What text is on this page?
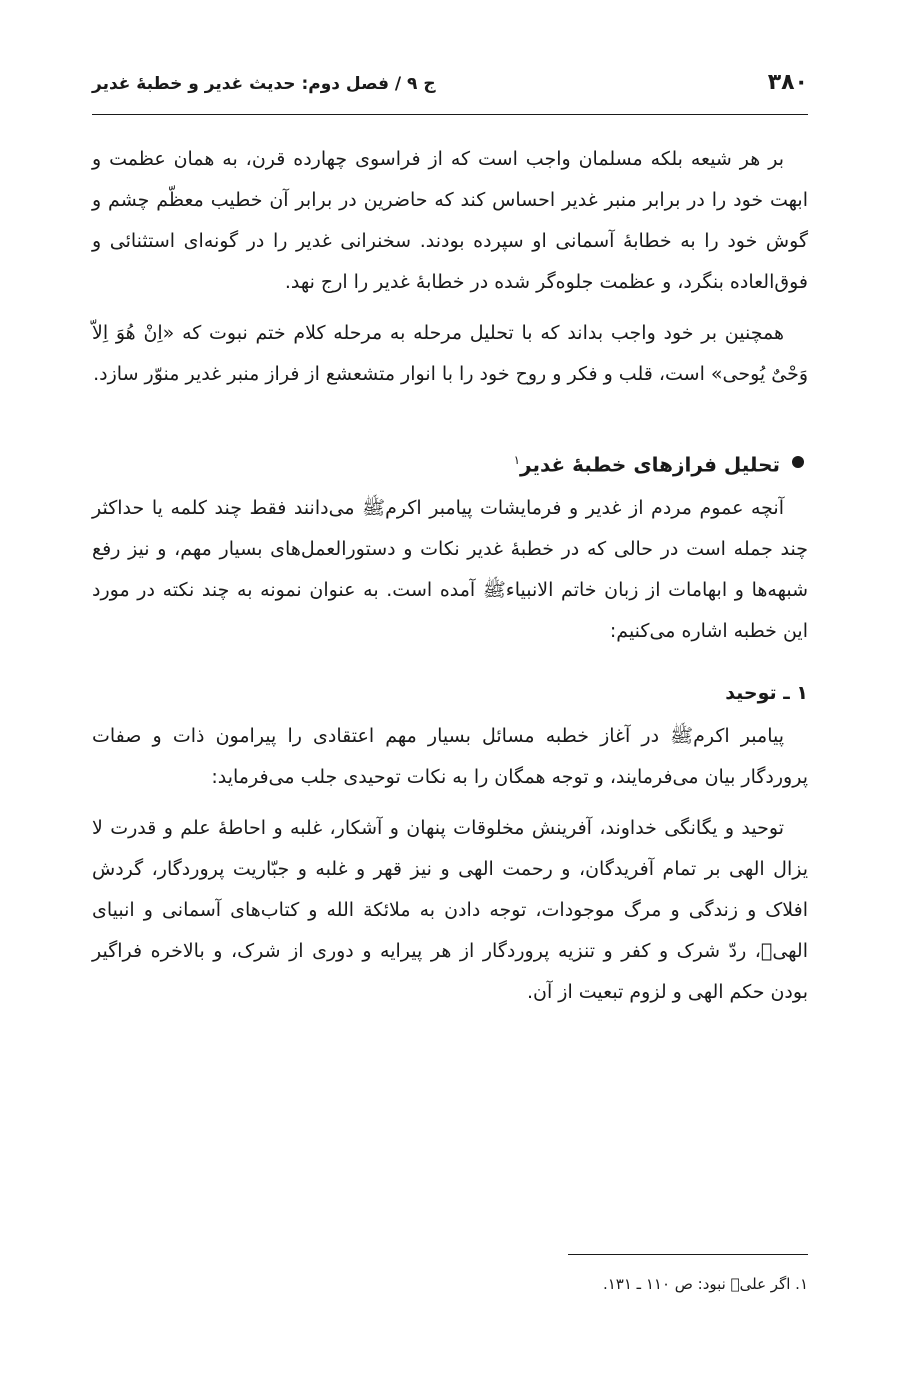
۳۸۰
ج ۹ / فصل دوم: حدیث غدیر و خطبۀ غدیر

بر هر شیعه بلکه مسلمان واجب است که از فراسوی چهارده قرن، به همان عظمت و ابهت خود را در برابر منبر غدیر احساس کند که حاضرین در برابر آن خطیب معظّم چشم و گوش خود را به خطابۀ آسمانی او سپرده بودند. سخنرانی غدیر را در گونه‌ای استثنائی و فوق‌العاده بنگرد، و عظمت جلوه‌گر شده در خطابۀ غدیر را ارج نهد.

همچنین بر خود واجب بداند که با تحلیل مرحله به مرحله کلام ختم نبوت که «اِنْ هُوَ اِلاّ وَحْیٌ یُوحی» است، قلب و فکر و روح خود را با انوار متشعشع از فراز منبر غدیر منوّر سازد.

تحلیل فرازهای خطبۀ غدیر$^۱$

آنچه عموم مردم از غدیر و فرمایشات پیامبر اکرمﷺ می‌دانند فقط چند کلمه یا حداکثر چند جمله است در حالی که در خطبۀ غدیر نکات و دستورالعمل‌های بسیار مهم، و نیز رفع شبهه‌ها و ابهامات از زبان خاتم الانبیاءﷺ آمده است. به عنوان نمونه به چند نکته در مورد این خطبه اشاره می‌کنیم:

۱ ـ توحید

پیامبر اکرمﷺ در آغاز خطبه مسائل بسیار مهم اعتقادی را پیرامون ذات و صفات پروردگار بیان می‌فرمایند، و توجه همگان را به نکات توحیدی جلب می‌فرماید:

توحید و یگانگی خداوند، آفرینش مخلوقات پنهان و آشکار، غلبه و احاطۀ علم و قدرت لا یزال الهی بر تمام آفریدگان، و رحمت الهی و نیز قهر و غلبه و جبّاریت پروردگار، گردش افلاک و زندگی و مرگ موجودات، توجه دادن به ملائکة الله و کتاب‌های آسمانی و انبیای الهیؑ، ردّ شرک و کفر و تنزیه پروردگار از هر پیرایه و دوری از شرک، و بالاخره فراگیر بودن حکم الهی و لزوم تبعیت از آن.

۱. اگر علیؑ نبود: ص ۱۱۰ ـ ۱۳۱.
